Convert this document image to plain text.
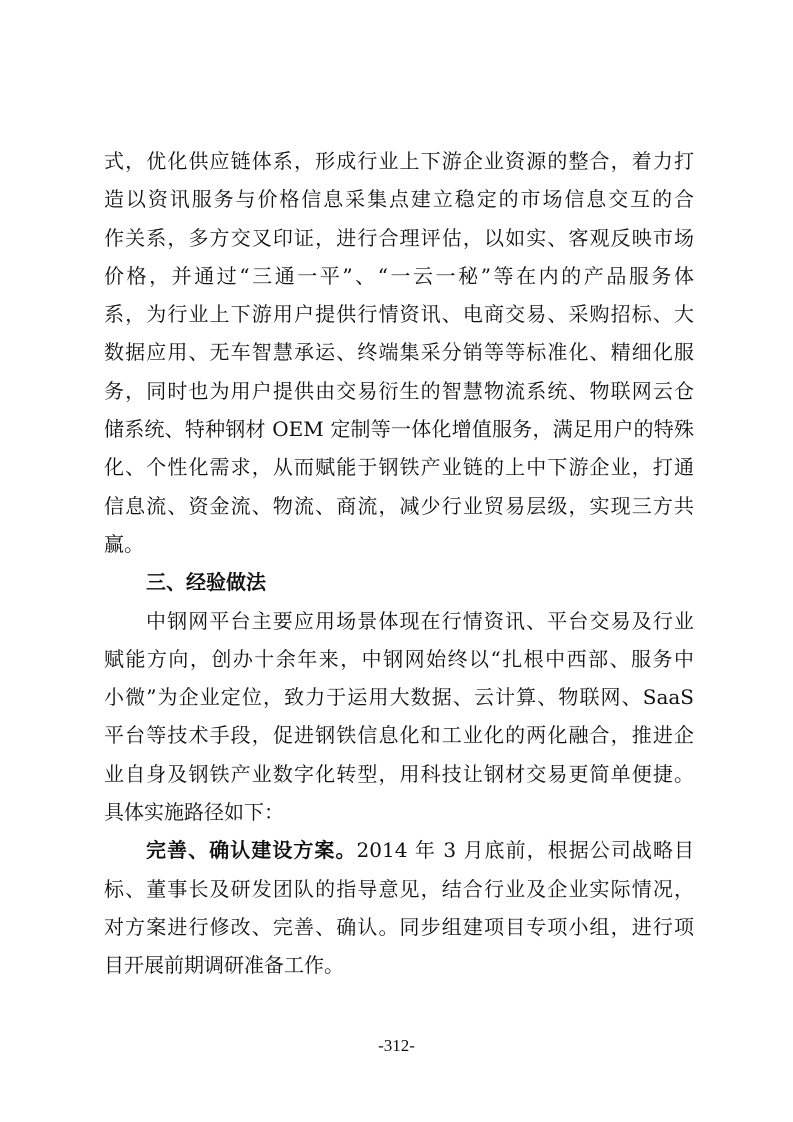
式，优化供应链体系，形成行业上下游企业资源的整合，着力打
造以资讯服务与价格信息采集点建立稳定的市场信息交互的合
作关系，多方交叉印证，进行合理评估，以如实、客观反映市场
价格，并通过“三通一平”、“一云一秘”等在内的产品服务体
系，为行业上下游用户提供行情资讯、电商交易、采购招标、大
数据应用、无车智慧承运、终端集采分销等等标准化、精细化服
务，同时也为用户提供由交易衍生的智慧物流系统、物联网云仓
储系统、特种钢材 OEM 定制等一体化增值服务，满足用户的特殊
化、个性化需求，从而赋能于钢铁产业链的上中下游企业，打通
信息流、资金流、物流、商流，减少行业贸易层级，实现三方共
赢。
三、经验做法
中钢网平台主要应用场景体现在行情资讯、平台交易及行业
赋能方向，创办十余年来，中钢网始终以“扎根中西部、服务中
小微”为企业定位，致力于运用大数据、云计算、物联网、SaaS
平台等技术手段，促进钢铁信息化和工业化的两化融合，推进企
业自身及钢铁产业数字化转型，用科技让钢材交易更简单便捷。
具体实施路径如下：
完善、确认建设方案。2014 年 3 月底前，根据公司战略目
标、董事长及研发团队的指导意见，结合行业及企业实际情况，
对方案进行修改、完善、确认。同步组建项目专项小组，进行项
目开展前期调研准备工作。
-312-
